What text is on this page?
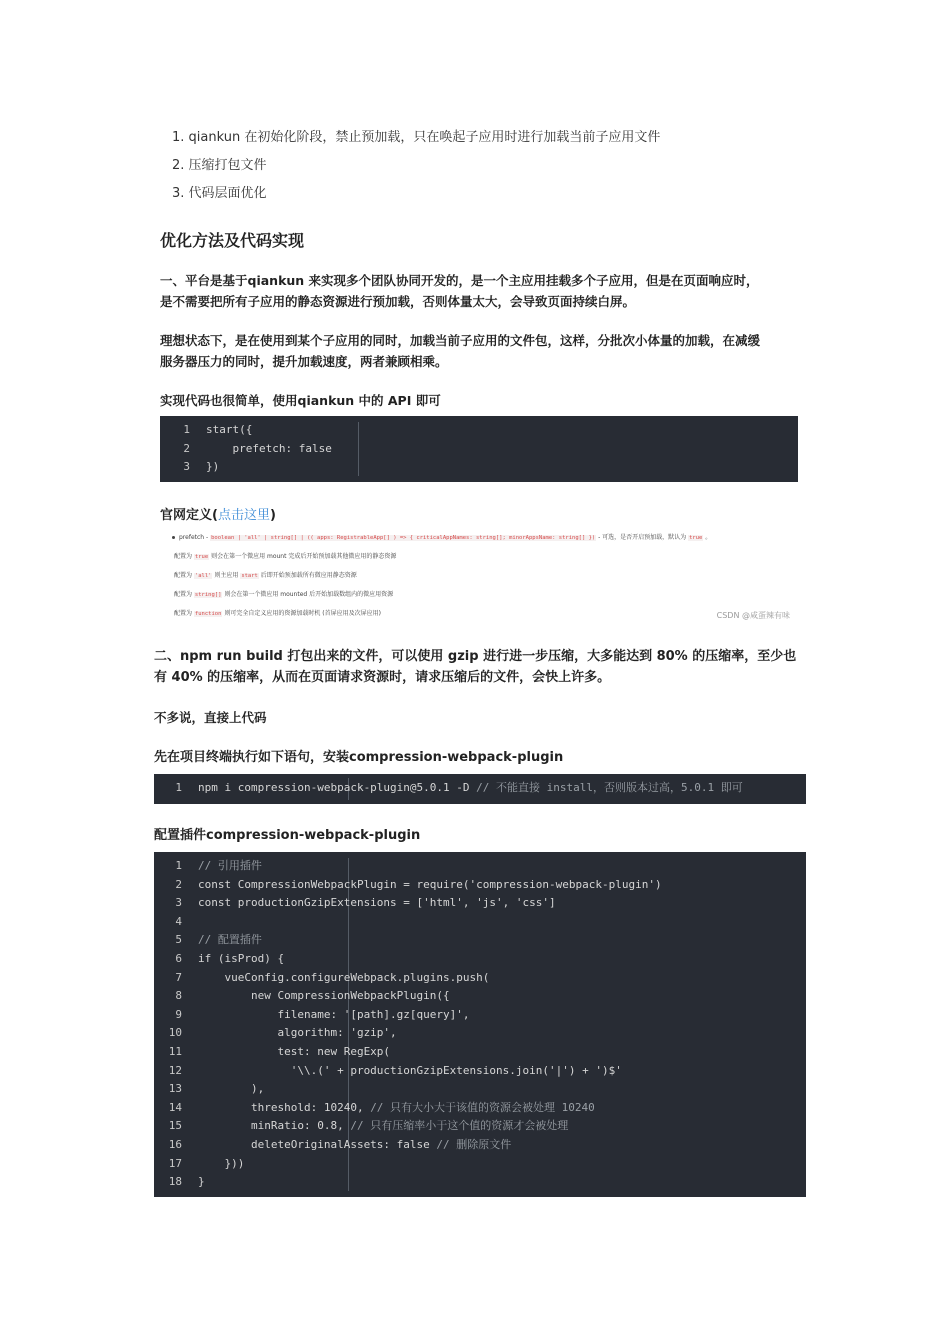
1. qiankun 在初始化阶段，禁止预加载，只在唤起子应用时进行加载当前子应用文件
2. 压缩打包文件
3. 代码层面优化
优化方法及代码实现
一、平台是基于qiankun 来实现多个团队协同开发的，是一个主应用挂载多个子应用，但是在页面响应时，
是不需要把所有子应用的静态资源进行预加载，否则体量太大，会导致页面持续白屏。
理想状态下，是在使用到某个子应用的同时，加载当前子应用的文件包，这样，分批次小体量的加载，在减缓
服务器压力的同时，提升加载速度，两者兼顾相乘。
实现代码也很简单，使用qiankun 中的 API 即可
1 start({
2    prefetch: false
3 })
官网定义(点击这里)
prefetch - boolean | 'all' | string[] | (( apps: RegistrableApp[] ) => { criticalAppNames: string[]; minorAppsName: string[] }) - 可选，是否开启预加载，默认为 true 。
配置为 true 则会在第一个微应用 mount 完成后开始预加载其他微应用的静态资源
配置为 'all' 则主应用 start 后即开始预加载所有微应用静态资源
配置为 string[] 则会在第一个微应用 mounted 后开始加载数组内的微应用资源
配置为 function 则可完全自定义应用的资源加载时机 (首屏应用及次屏应用)	CSDN @咸蛋辣有味
二、npm run build 打包出来的文件，可以使用 gzip 进行进一步压缩，大多能达到 80% 的压缩率，至少也
有 40% 的压缩率，从而在页面请求资源时，请求压缩后的文件，会快上许多。
不多说，直接上代码
先在项目终端执行如下语句，安装compression-webpack-plugin
1 npm i compression-webpack-plugin@5.0.1 -D // 不能直接 install，否则版本过高，5.0.1 即可
配置插件compression-webpack-plugin
1 // 引用插件
2 const CompressionWebpackPlugin = require('compression-webpack-plugin')
3 const productionGzipExtensions = ['html', 'js', 'css']
4
5 // 配置插件
6 if (isProd) {
7    vueConfig.configureWebpack.plugins.push(
8        new CompressionWebpackPlugin({
9            filename: '[path].gz[query]',
10            algorithm: 'gzip',
11            test: new RegExp(
12              '\\.(' + productionGzipExtensions.join('|') + ')$'
13        ),
14        threshold: 10240, // 只有大小大于该值的资源会被处理 10240
15        minRatio: 0.8, // 只有压缩率小于这个值的资源才会被处理
16        deleteOriginalAssets: false // 删除原文件
17    }))
18 }
